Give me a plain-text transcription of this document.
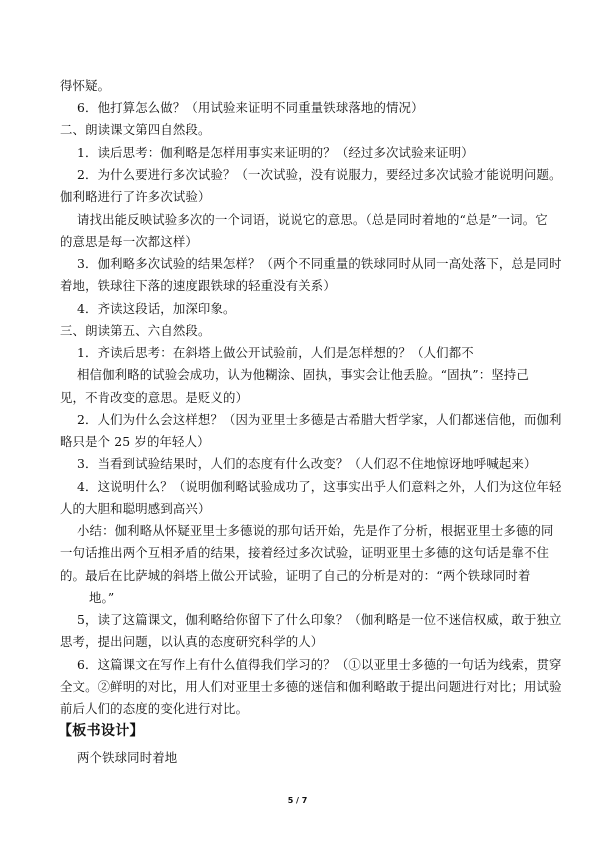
得怀疑。
6．他打算怎么做？（用试验来证明不同重量铁球落地的情况）
二、朗读课文第四自然段。
1．读后思考：伽利略是怎样用事实来证明的？（经过多次试验来证明）
2．为什么要进行多次试验？（一次试验，没有说服力，要经过多次试验才能说明问题。
伽利略进行了许多次试验）
请找出能反映试验多次的一个词语，说说它的意思。（总是同时着地的“总是”一词。它
的意思是每一次都这样）
3．伽利略多次试验的结果怎样？（两个不同重量的铁球同时从同一高处落下，总是同时
着地，铁球往下落的速度跟铁球的轻重没有关系）
4．齐读这段话，加深印象。
三、朗读第五、六自然段。
1．齐读后思考：在斜塔上做公开试验前，人们是怎样想的？（人们都不
相信伽利略的试验会成功，认为他糊涂、固执，事实会让他丢脸。“固执”：坚持己
见，不肯改变的意思。是贬义的）
2．人们为什么会这样想？（因为亚里士多德是古希腊大哲学家，人们都迷信他，而伽利
略只是个 25 岁的年轻人）
3．当看到试验结果时，人们的态度有什么改变？（人们忍不住地惊讶地呼喊起来）
4．这说明什么？（说明伽利略试验成功了，这事实出乎人们意料之外，人们为这位年轻
人的大胆和聪明感到高兴）
小结：伽利略从怀疑亚里士多德说的那句话开始，先是作了分析，根据亚里士多德的同
一句话推出两个互相矛盾的结果，接着经过多次试验，证明亚里士多德的这句话是靠不住
的。最后在比萨城的斜塔上做公开试验，证明了自己的分析是对的：“两个铁球同时着
地。”
5，读了这篇课文，伽利略给你留下了什么印象？（伽利略是一位不迷信权威，敢于独立
思考，提出问题，以认真的态度研究科学的人）
6．这篇课文在写作上有什么值得我们学习的？（①以亚里士多德的一句话为线索，贯穿
全文。②鲜明的对比，用人们对亚里士多德的迷信和伽利略敢于提出问题进行对比；用试验
前后人们的态度的变化进行对比。
【板书设计】
两个铁球同时着地
5 / 7
